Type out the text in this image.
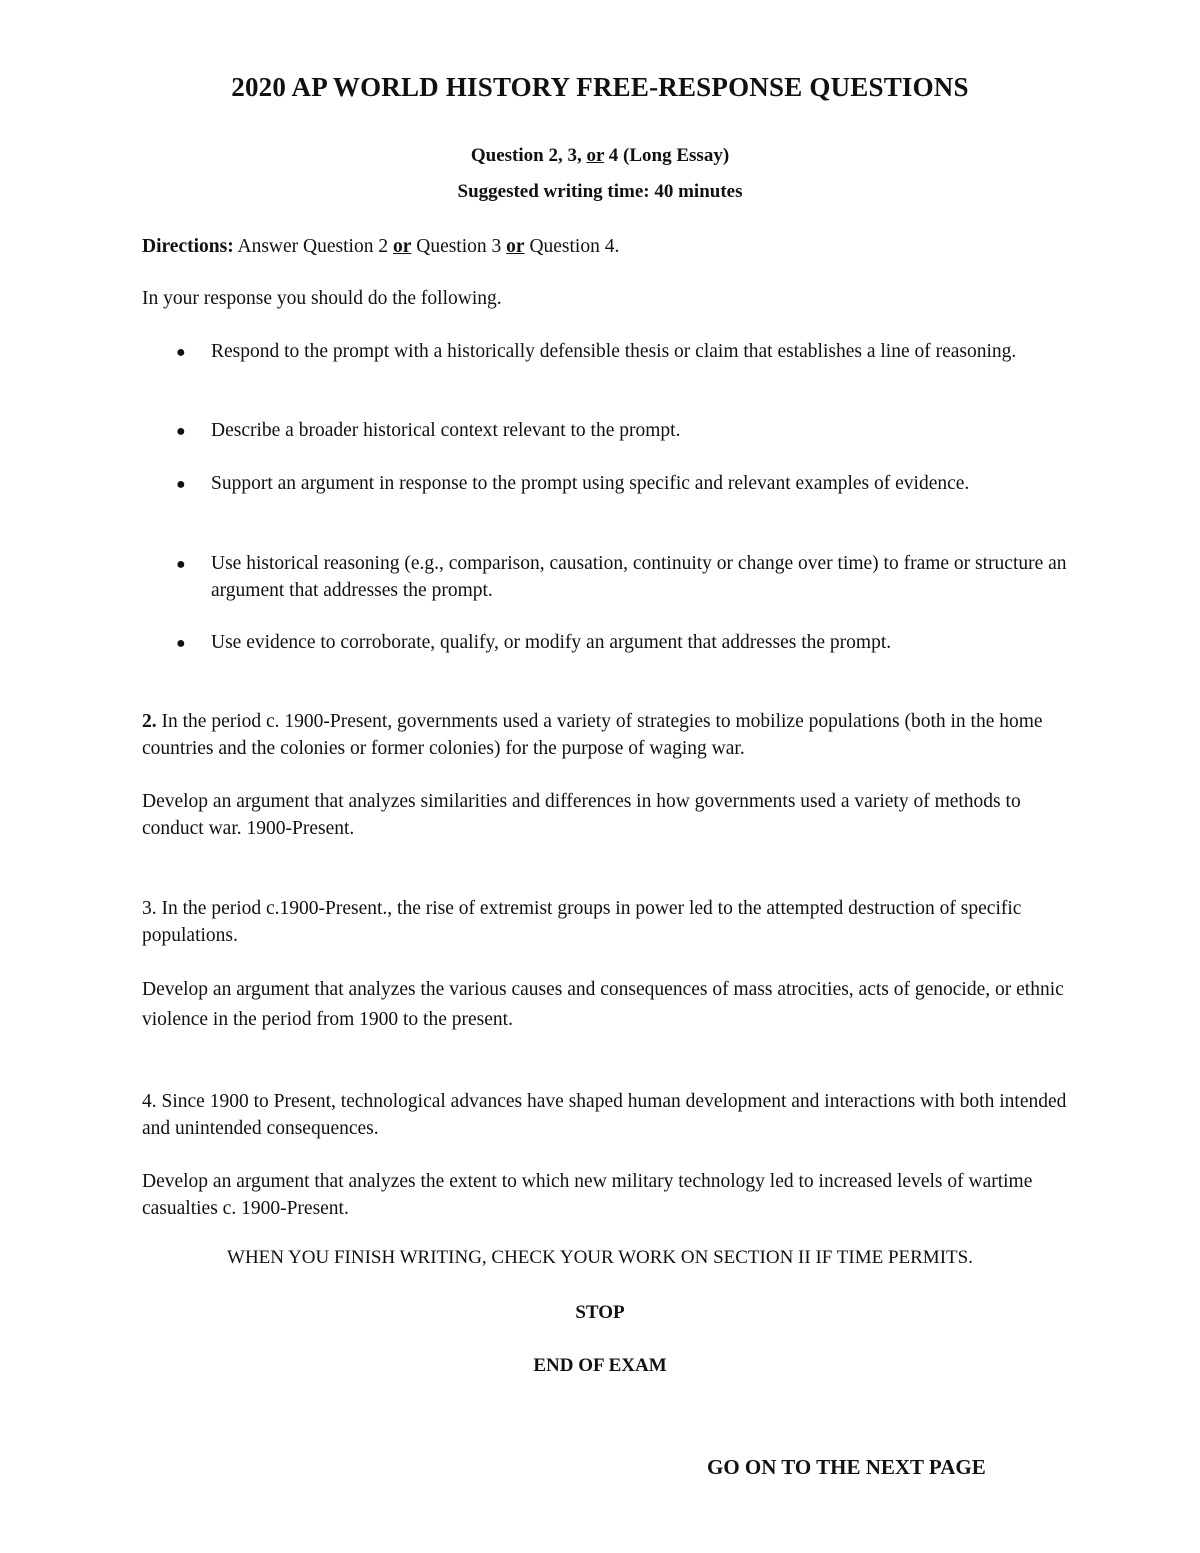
2020 AP WORLD HISTORY FREE-RESPONSE QUESTIONS
Question 2, 3, or 4 (Long Essay)
Suggested writing time: 40 minutes
Directions: Answer Question 2 or Question 3 or Question 4.
In your response you should do the following.
● Respond to the prompt with a historically defensible thesis or claim that establishes a line of reasoning.
● Describe a broader historical context relevant to the prompt.
● Support an argument in response to the prompt using specific and relevant examples of evidence.
● Use historical reasoning (e.g., comparison, causation, continuity or change over time) to frame or structure an argument that addresses the prompt.
● Use evidence to corroborate, qualify, or modify an argument that addresses the prompt.
2. In the period c. 1900-Present, governments used a variety of strategies to mobilize populations (both in the home countries and the colonies or former colonies) for the purpose of waging war.
Develop an argument that analyzes similarities and differences in how governments used a variety of methods to conduct war. 1900-Present.
3. In the period c.1900-Present., the rise of extremist groups in power led to the attempted destruction of specific populations.
Develop an argument that analyzes the various causes and consequences of mass atrocities, acts of genocide, or ethnic violence in the period from 1900 to the present.
4. Since 1900 to Present, technological advances have shaped human development and interactions with both intended and unintended consequences.
Develop an argument that analyzes the extent to which new military technology led to increased levels of wartime casualties c. 1900-Present.
WHEN YOU FINISH WRITING, CHECK YOUR WORK ON SECTION II IF TIME PERMITS.
STOP
END OF EXAM
GO ON TO THE NEXT PAGE
